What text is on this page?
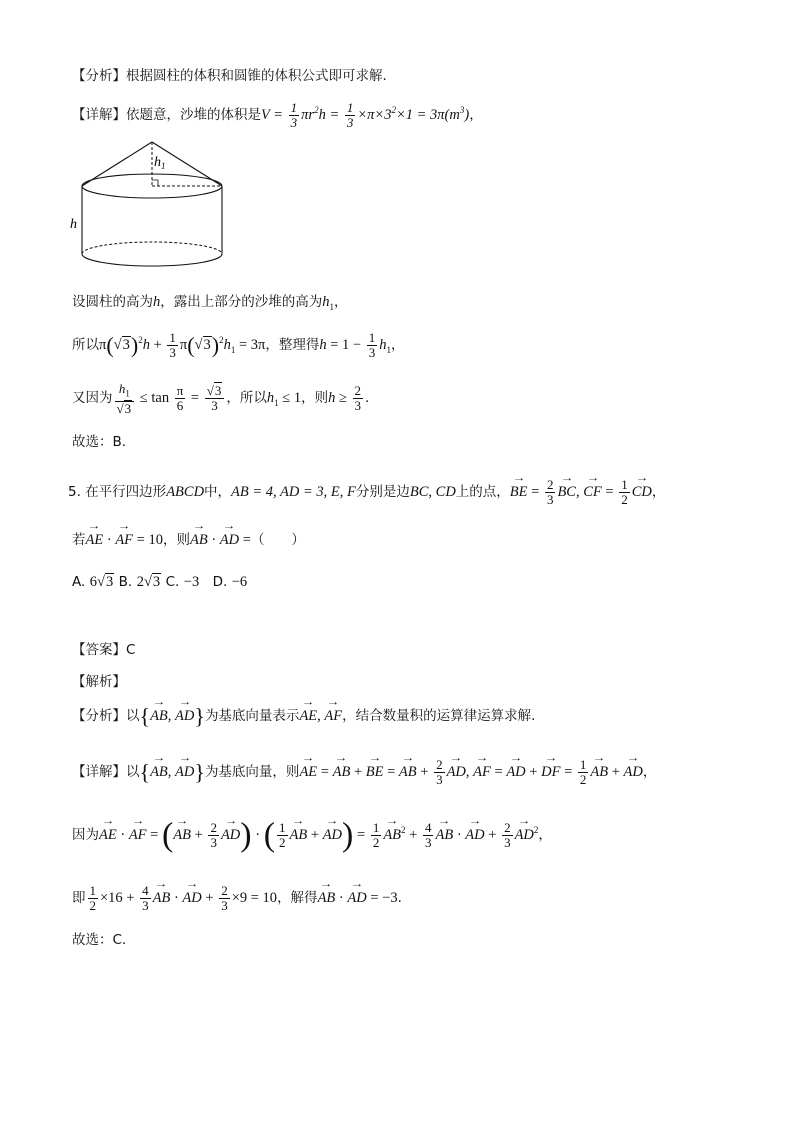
【分析】根据圆柱的体积和圆锥的体积公式即可求解.
【详解】依题意，沙堆的体积是$V = \frac{1}{3} \pi r^2h = \frac{1}{3} \times\pi\times 3^2\times 1 = 3\pi(m^3)$，
$h_1$
h
设圆柱的高为h，露出上部分的沙堆的高为$h_1$，
所以$\pi(√3)^2h + \frac{1}{3} \pi(√3)^2h_1 = 3\pi$，整理得$h = 1 - \frac{1}{3} h_1$，
又因为 $\frac{h_1}{√3} \le \tan \frac{\pi}{6} = \frac{√3}{3}$ ，所以$h_1 \le 1$，则$h \ge \frac{2}{3}$ .
故选：B.
5. 在平行四边形ABCD中，AB = 4, AD = 3, E, F分别是边BC, CD上的点，→ BE = $\frac{2}{3}$
→ BC, → CF = $\frac{1}{2}$
→ CD，
若→ AE · → AF = 10，则→ AB · → AD =（　　）
A. 6√3 B. 2√3 C. −3 D. −6
【答案】C
【解析】
【分析】以{→ AB, → AD}为基底向量表示→ AE, → AF，结合数量积的运算律运算求解.
【详解】以{→ AB, → AD}为基底向量，则→ AE = → AB + → BE = → AB + $\frac{2}{3}$
→ AD, → AF = → AD + → DF = $\frac{1}{2}$
→ AB + → AD，
因为→ AE · → AF = (→ AB + $\frac{2}{3}$
→ AD) · ( $\frac{1}{2}$
→ AB + → $AD) = \frac{1}{2}$
→ $AB^2 + \frac{4}{3}$
→ AB · → AD + $\frac{2}{3}$
→ $AD^2$，
即 $\frac{1}{2} \times 16 + \frac{4}{3}$
→ AB · → AD + $\frac{2}{3} \times 9 = 10$，解得→ AB · → AD = −3.
故选：C.
